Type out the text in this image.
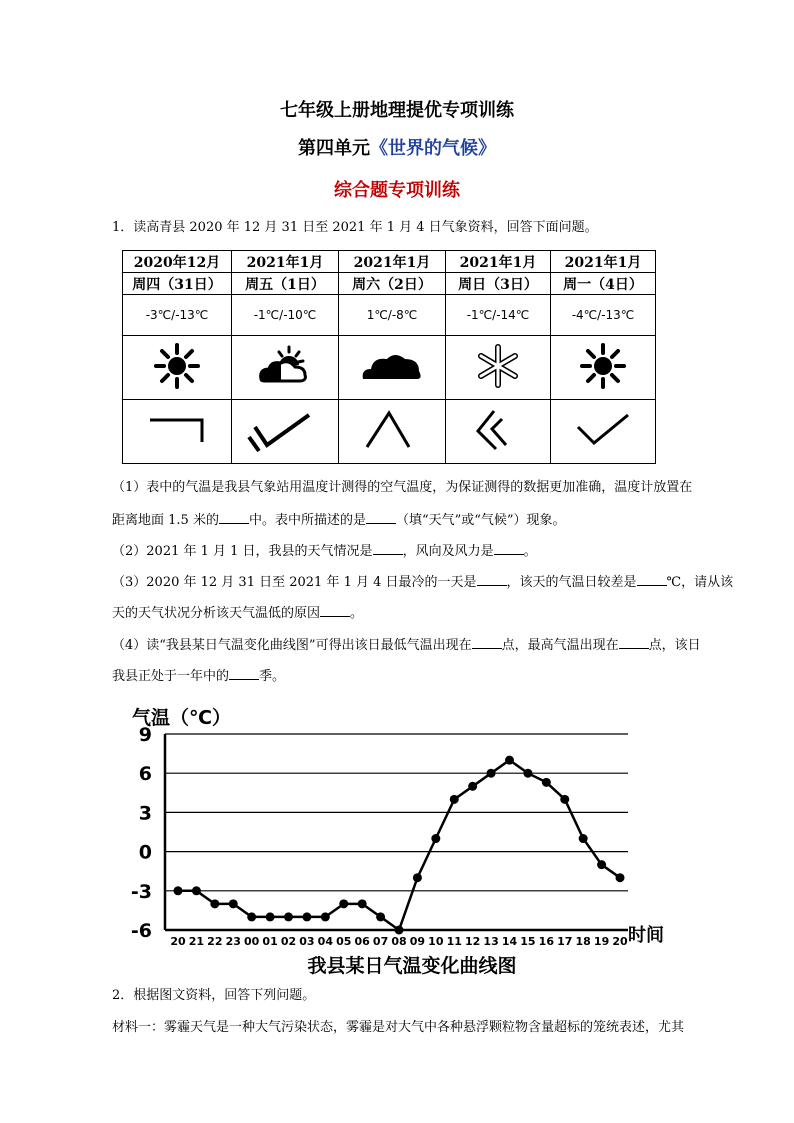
七年级上册地理提优专项训练
第四单元《世界的气候》
综合题专项训练
1．读高青县 2020 年 12 月 31 日至 2021 年 1 月 4 日气象资料，回答下面问题。
2020年12月	2021年1月	2021年1月	2021年1月	2021年1月
周四（31日）	周五（1日）	周六（2日）	周日（3日）	周一（4日）
-3℃/-13℃	-1℃/-10℃	1℃/-8℃	-1℃/-14℃	-4℃/-13℃

（1）表中的气温是我县气象站用温度计测得的空气温度，为保证测得的数据更加准确，温度计放置在
距离地面 1.5 米的 中。表中所描述的是 （填“天气”或“气候”）现象。
（2）2021 年 1 月 1 日，我县的天气情况是 ，风向及风力是 。
（3）2020 年 12 月 31 日至 2021 年 1 月 4 日最冷的一天是 ，该天的气温日较差是 ℃，请从该
天的天气状况分析该天气温低的原因 。
（4）读“我县某日气温变化曲线图”可得出该日最低气温出现在 点，最高气温出现在 点，该日
我县正处于一年中的 季。
气温（℃）
9
6
3
0
-3
-6 20 21 22 23 00 01 02 03 04 05 06 07 08 09 10 11 12 13 14 15 16 17 18 19 20 时间
我县某日气温变化曲线图
2．根据图文资料，回答下列问题。
材料一：雾霾天气是一种大气污染状态，雾霾是对大气中各种悬浮颗粒物含量超标的笼统表述，尤其
